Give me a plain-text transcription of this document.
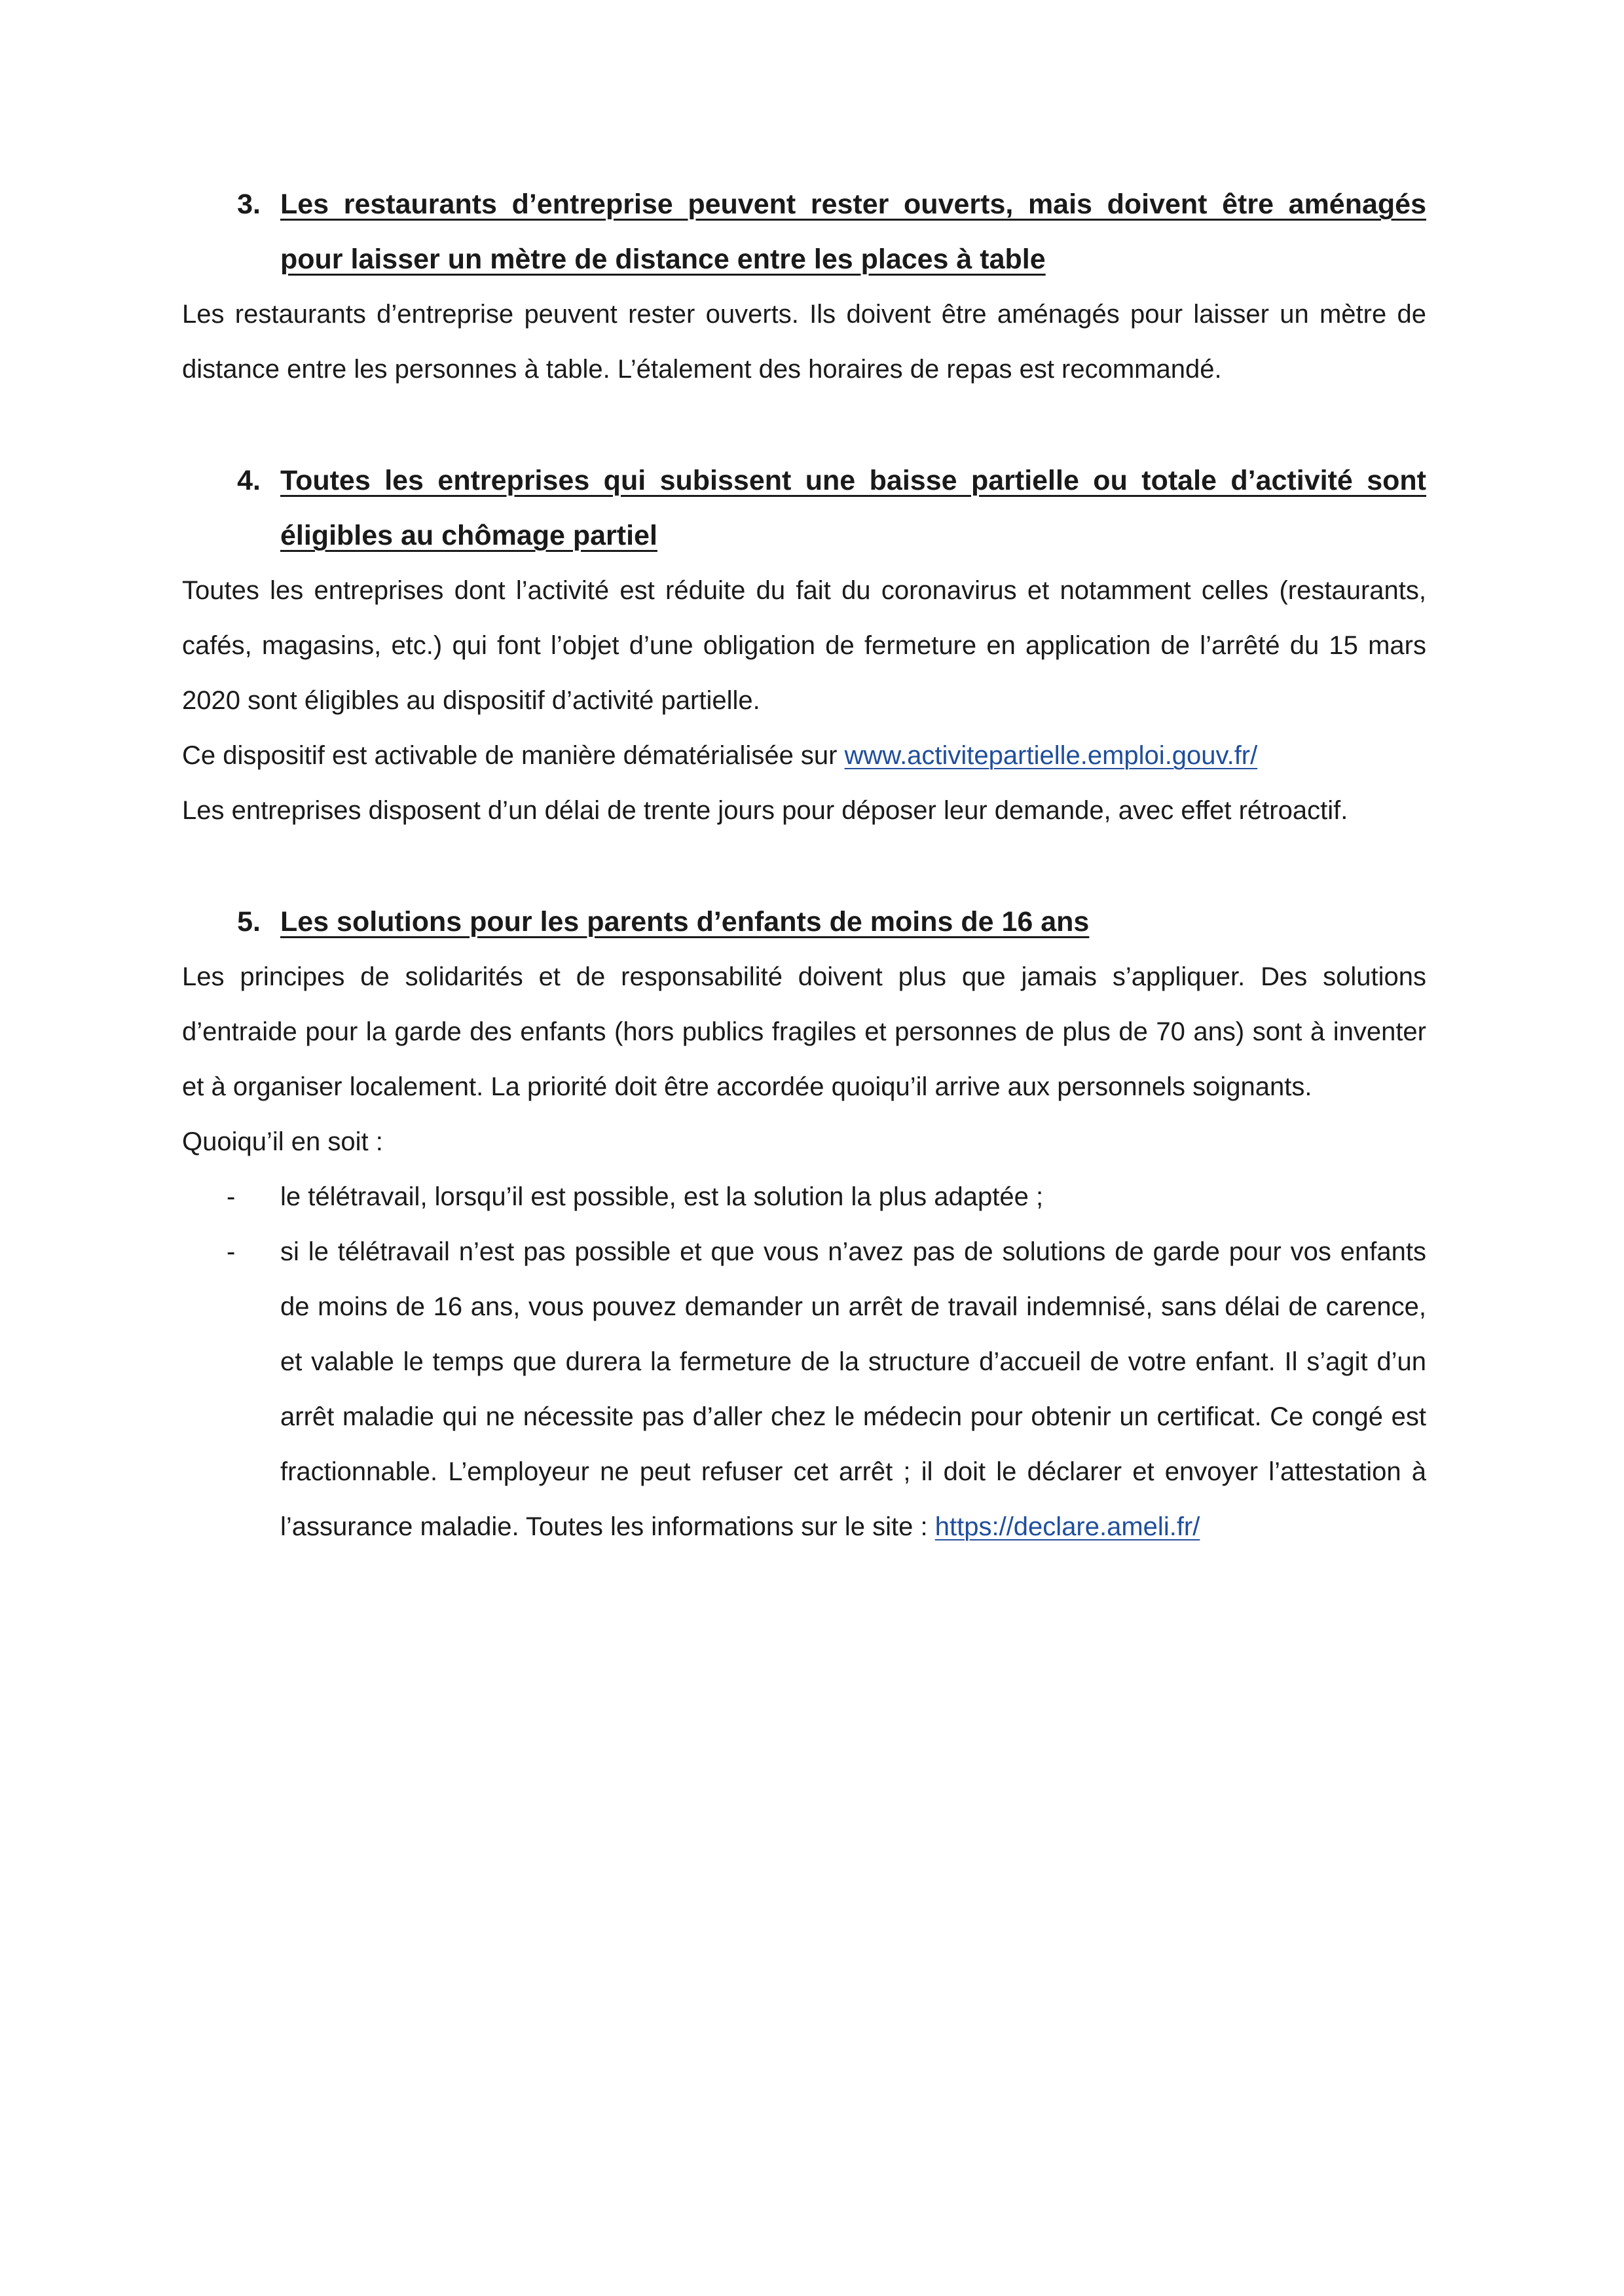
3. Les restaurants d’entreprise peuvent rester ouverts, mais doivent être aménagés pour laisser un mètre de distance entre les places à table

Les restaurants d’entreprise peuvent rester ouverts. Ils doivent être aménagés pour laisser un mètre de distance entre les personnes à table. L’étalement des horaires de repas est recommandé.

4. Toutes les entreprises qui subissent une baisse partielle ou totale d’activité sont éligibles au chômage partiel

Toutes les entreprises dont l’activité est réduite du fait du coronavirus et notamment celles (restaurants, cafés, magasins, etc.) qui font l’objet d’une obligation de fermeture en application de l’arrêté du 15 mars 2020 sont éligibles au dispositif d’activité partielle.

Ce dispositif est activable de manière dématérialisée sur www.activitepartielle.emploi.gouv.fr/

Les entreprises disposent d’un délai de trente jours pour déposer leur demande, avec effet rétroactif.

5. Les solutions pour les parents d’enfants de moins de 16 ans

Les principes de solidarités et de responsabilité doivent plus que jamais s’appliquer. Des solutions d’entraide pour la garde des enfants (hors publics fragiles et personnes de plus de 70 ans) sont à inventer et à organiser localement. La priorité doit être accordée quoiqu’il arrive aux personnels soignants.

Quoiqu’il en soit :

-	le télétravail, lorsqu’il est possible, est la solution la plus adaptée ;
-	si le télétravail n’est pas possible et que vous n’avez pas de solutions de garde pour vos enfants de moins de 16 ans, vous pouvez demander un arrêt de travail indemnisé, sans délai de carence, et valable le temps que durera la fermeture de la structure d’accueil de votre enfant. Il s’agit d’un arrêt maladie qui ne nécessite pas d’aller chez le médecin pour obtenir un certificat. Ce congé est fractionnable. L’employeur ne peut refuser cet arrêt ; il doit le déclarer et envoyer l’attestation à l’assurance maladie. Toutes les informations sur le site : https://declare.ameli.fr/
